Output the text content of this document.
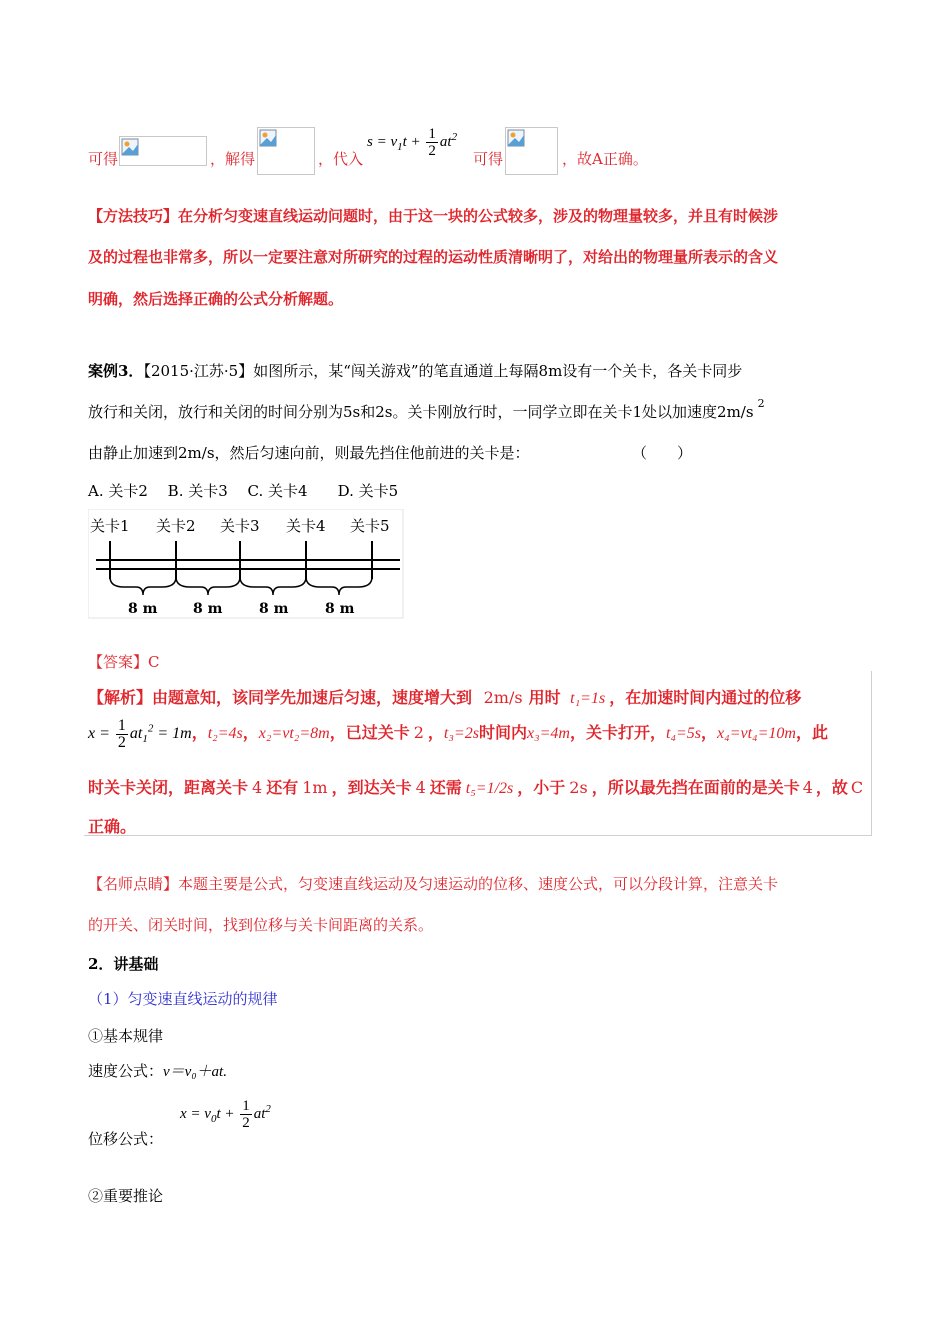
可得	，解得	，代入
$s = v_1t + \frac{1}{2} at^2$
可得	，故A正确。
【方法技巧】在分析匀变速直线运动问题时，由于这一块的公式较多，涉及的物理量较多，并且有时候涉
及的过程也非常多，所以一定要注意对所研究的过程的运动性质清晰明了，对给出的物理量所表示的含义
明确，然后选择正确的公式分析解题。
案例3．【2015·江苏·5】如图所示，某“闯关游戏”的笔直通道上每隔8m设有一个关卡，各关卡同步
放行和关闭，放行和关闭的时间分别为5s和2s。关卡刚放行时，一同学立即在关卡1处以加速度2m/s $^2$
由静止加速到2m/s，然后匀速向前，则最先挡住他前进的关卡是：	（　　）
A. 关卡2　 B. 关卡3　 C. 关卡4　　D. 关卡5
关卡1 关卡2 关卡3 关卡4 关卡5
8 m	8 m	8 m	8 m
【答案】C
【解析】由题意知，该同学先加速后匀速，速度增大到 2m/s 用时 t₁=1s ，在加速时间内通过的位移
$x = \frac{1}{2} at_1^2 = 1m$，t₂=4s，x₂=vt₂=8m，已过关卡 2 ，t₃=2s时间内x₃=4m，关卡打开，t₄=5s，x₄=vt₄=10m，此
时关卡关闭，距离关卡 4 还有 1m ，到达关卡 4 还需 t₅=1/2s ，小于 2s ，所以最先挡在面前的是关卡 4 ，故 C
正确。
【名师点睛】本题主要是公式，匀变速直线运动及匀速运动的位移、速度公式，可以分段计算，注意关卡
的开关、闭关时间，找到位移与关卡间距离的关系。
2．讲基础
（1）匀变速直线运动的规律
①基本规律
速度公式：v＝v₀＋at.
$x = v_0t + \frac{1}{2} at^2$
位移公式：
②重要推论
